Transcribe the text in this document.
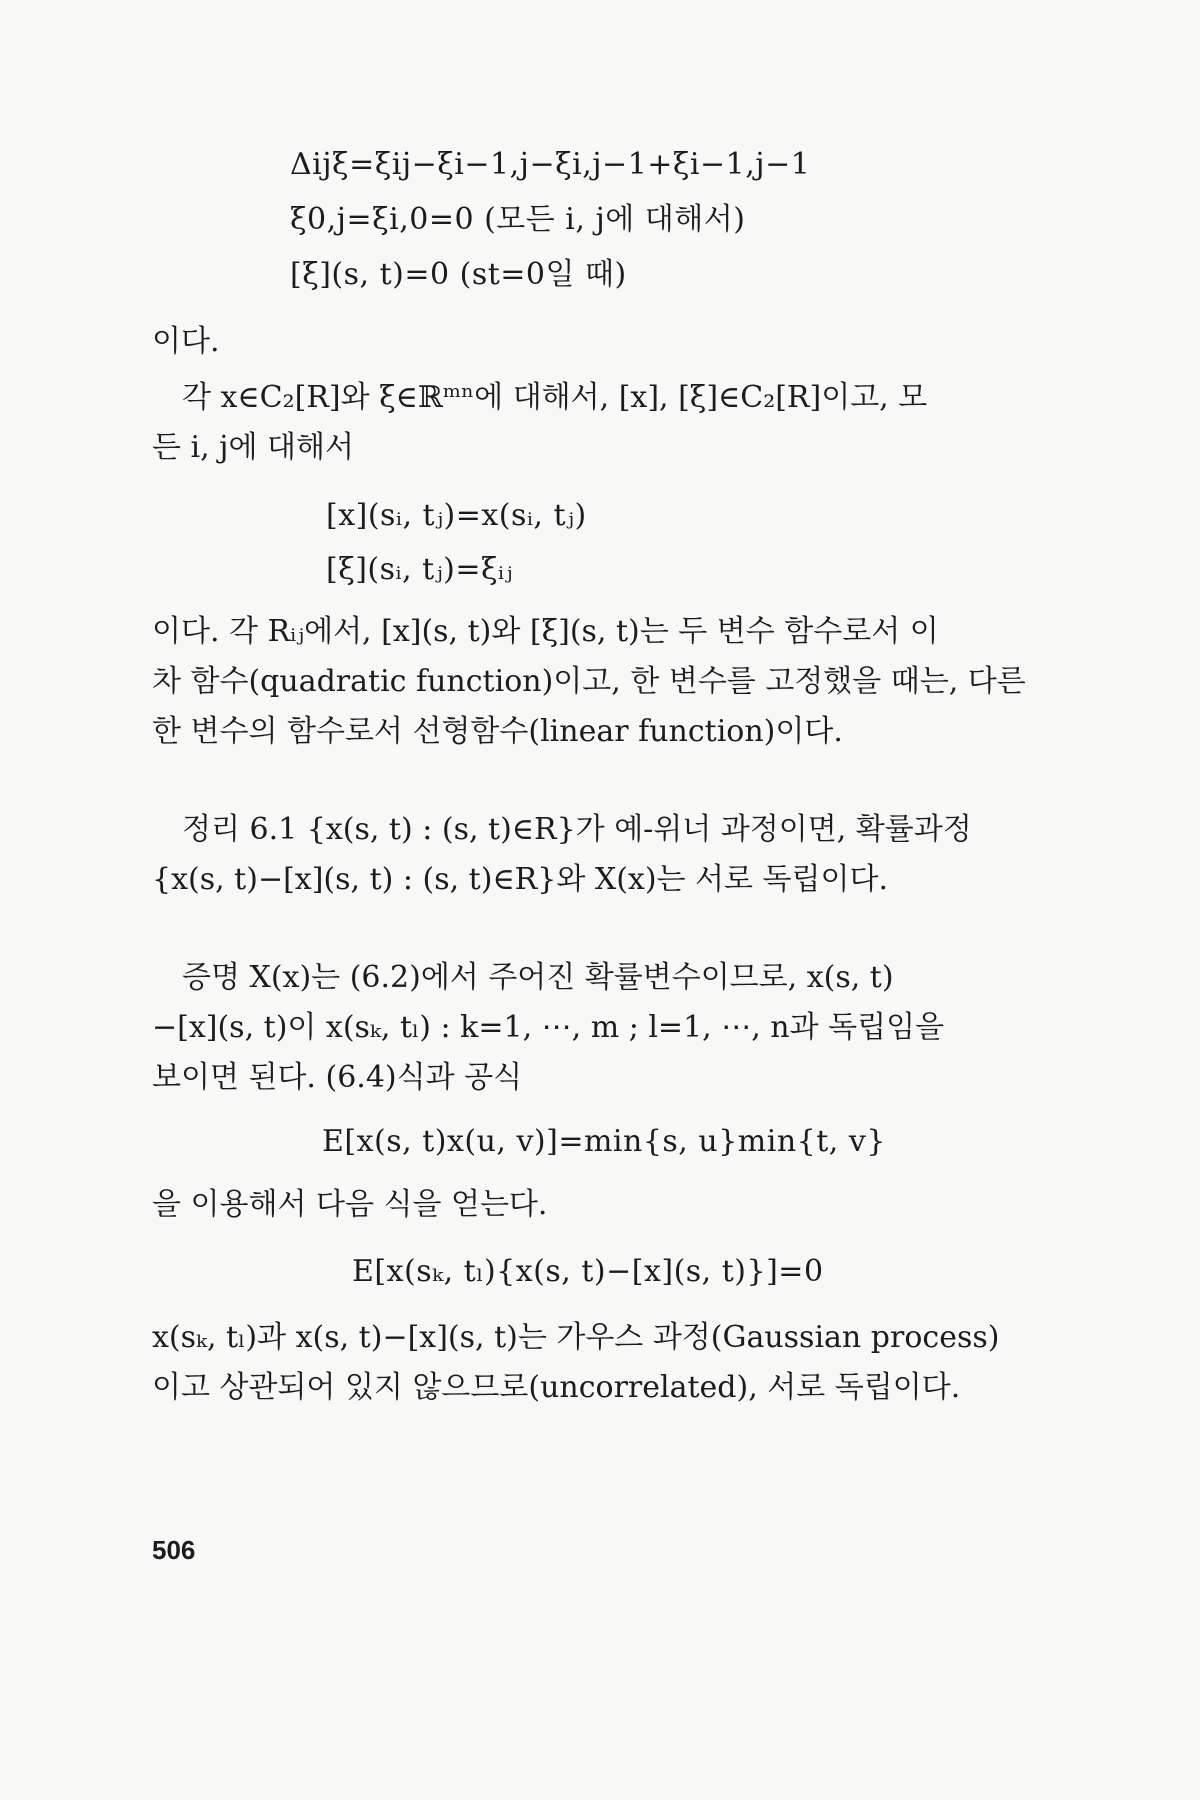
Δijξ=ξij−ξi−1,j−ξi,j−1+ξi−1,j−1
ξ0,j=ξi,0=0 (모든 i, j에 대해서)
[ξ](s, t)=0 (st=0일 때)
이다.
각 x∈C₂[R]와 ξ∈ℝᵐⁿ에 대해서, [x], [ξ]∈C₂[R]이고, 모
든 i, j에 대해서
[x](sᵢ, tⱼ)=x(sᵢ, tⱼ)
[ξ](sᵢ, tⱼ)=ξᵢⱼ
이다. 각 Rᵢⱼ에서, [x](s, t)와 [ξ](s, t)는 두 변수 함수로서 이
차 함수(quadratic function)이고, 한 변수를 고정했을 때는, 다른
한 변수의 함수로서 선형함수(linear function)이다.
정리 6.1 {x(s, t) : (s, t)∈R}가 예-위너 과정이면, 확률과정
{x(s, t)−[x](s, t) : (s, t)∈R}와 X(x)는 서로 독립이다.
증명 X(x)는 (6.2)에서 주어진 확률변수이므로, x(s, t)
−[x](s, t)이 x(sₖ, tₗ) : k=1, ⋯, m ; l=1, ⋯, n과 독립임을
보이면 된다. (6.4)식과 공식
E[x(s, t)x(u, v)]=min{s, u}min{t, v}
을 이용해서 다음 식을 얻는다.
E[x(sₖ, tₗ){x(s, t)−[x](s, t)}]=0
x(sₖ, tₗ)과 x(s, t)−[x](s, t)는 가우스 과정(Gaussian process)
이고 상관되어 있지 않으므로(uncorrelated), 서로 독립이다.
506
